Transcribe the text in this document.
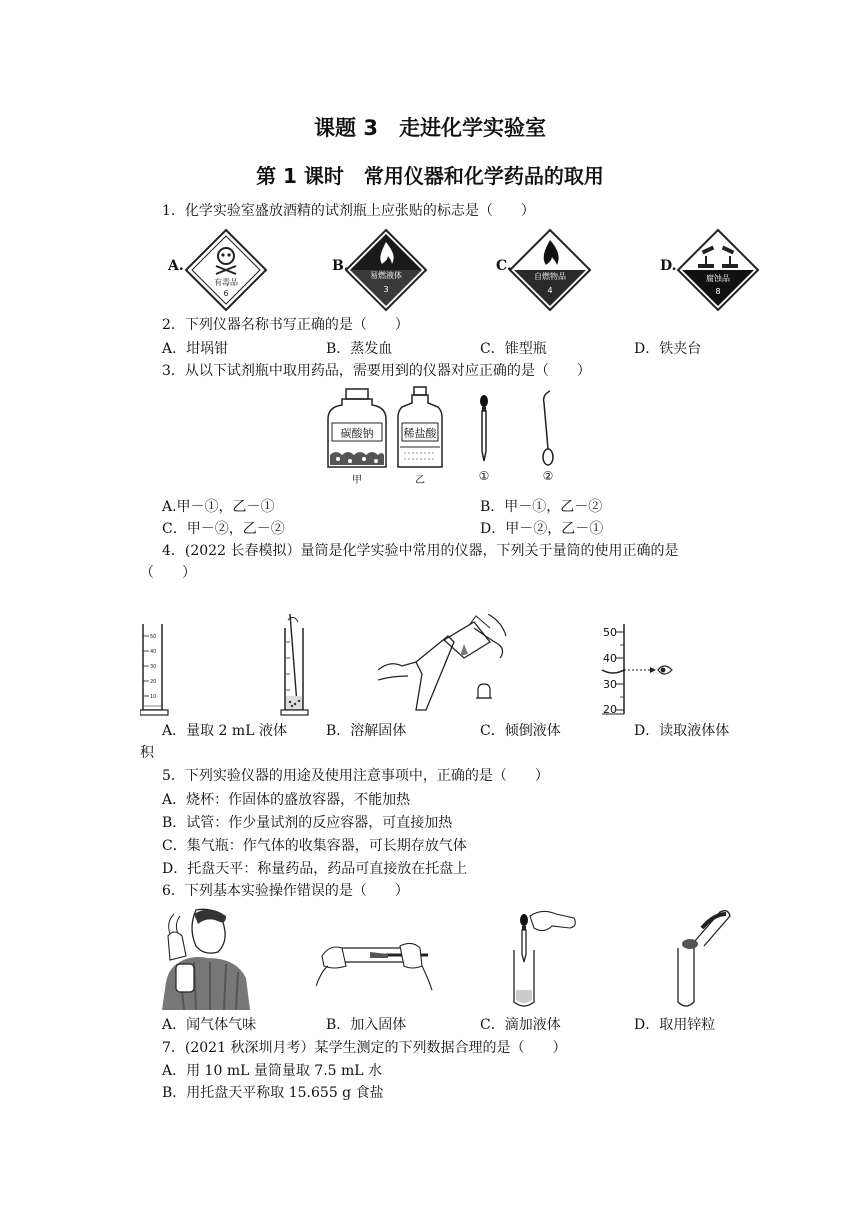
课题 3　走进化学实验室
第 1 课时　常用仪器和化学药品的取用
1．化学实验室盛放酒精的试剂瓶上应张贴的标志是（　　）
A.
有毒品
6
B.
易燃液体
3
C.
自燃物品
4
D.
腐蚀品
8
2．下列仪器名称书写正确的是（　　）
A．坩埚钳	B．蒸发血	C．锥型瓶	D．铁夹台
3．从以下试剂瓶中取用药品，需要用到的仪器对应正确的是（　　）
碳酸钠
甲
稀盐酸
乙	①	②
A.甲－①，乙－①	B．甲－①，乙－②
C．甲－②，乙－②	D．甲－②，乙－①
4．(2022 长春模拟）量筒是化学实验中常用的仪器，下列关于量筒的使用正确的是
（　　）
50
40
30
20
10
50
40
30
20
A．量取 2 mL 液体	B．溶解固体	C．倾倒液体	D．读取液体体
积
5．下列实验仪器的用途及使用注意事项中，正确的是（　　）
A．烧杯：作固体的盛放容器，不能加热
B．试管：作少量试剂的反应容器，可直接加热
C．集气瓶：作气体的收集容器，可长期存放气体
D．托盘天平：称量药品，药品可直接放在托盘上
6．下列基本实验操作错误的是（　　）
A．闻气体气味	B．加入固体	C．滴加液体	D．取用锌粒
7．(2021 秋深圳月考）某学生测定的下列数据合理的是（　　）
A．用 10 mL 量筒量取 7.5 mL 水
B．用托盘天平称取 15.655 g 食盐
